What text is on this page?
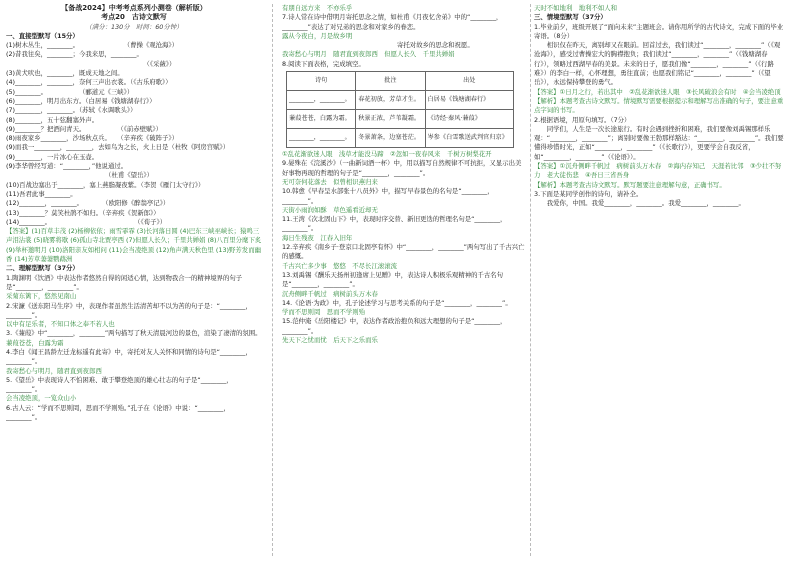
【备战2024】中考考点系列小测卷（解析版）
考点20　古诗文默写
（满分：130分　时间：60分钟）
一、直接型默写（15分）
(1)树木丛生，________。　　　　　　　　（曹操《观沧海》）
(2)昔我往矣，________；今我来思，________。
　　　　　　　　　　　　　　　　　　　　　　（《采薇》）
(3)黄犬吠也，________，既成天地之间。
(4)________，________，奈何三声出衣裳。（《古乐府歌》）
(5)________。　　　　　　（郦道元《三峡》）
(6)________，明月出东方。（白居易《钱塘湖春行》）
(7)________，________。（苏轼《水调歌头》）
(8)________，五十弦翻塞外声。
(9)________？把酒问青天。　　　　　　（《前赤壁赋》）
(8)雨夜家乡________，沙场秋点兵。　　（辛弃疾《破阵子》）
(9)而我一________，________，去如鸟为之长，火上日是（杜牧《阿房宫赋》）
(9)________，一片冰心在玉壶。
(9)李华曾经写道：“________，”他说通过。
　　　　　　　　　　　　　　　　（杜甫《望岳》）
(10)百战边塞出于________，塞上燕脂凝夜紫。（李贺《雁门太守行》）
(11)吾君此事________。
(12)________，________。　　　　（欧阳修《醉翁亭记》）
(13)________？莫笑杜鹃不如归。（辛弃疾《贺新郎》）
(14)________。　　　　　　　　　　　　　　（《荀子》）
【答案】(1)百草丰茂 (2)杨柳依依；雨雪霏霏 (3)长河落日圆 (4)巴东三峡巫峡长；猿鸣三声泪沾裳 (5)晓雾将歇 (6)孤山寺北贾亭西 (7)但愿人长久；千里共婵娟 (8)八百里分麾下炙 (9)举杯邀明月 (10)洛阳亲友如相问 (11)会当凌绝顶 (12)角声满天秋色里 (13)野芳发而幽香 (14)芳草萋萋鹦鹉洲
二、理解型默写（37分）
1.陶渊明《饮酒》中表达作者悠然自得的闲适心情，达到物我合一的精神境界的句子是“________，________”。
采菊东篱下，悠然见南山
2.宋濂《送东阳马生序》中，表现作者虽然生活清苦却不以为苦的句子是：“________，________”。
以中有足乐者，不知口体之奉不若人也
3.《蒹葭》中“________，________”两句描写了秋天清晨河边的景色，渲染了凄清的氛围。
蒹葭苍苍，白露为霜
4.李白《闻王昌龄左迁龙标遥有此寄》中，寄托对友人关怀和同情的诗句是“________，________”。
我寄愁心与明月，随君直到夜郎西
5.《望岳》中表现诗人不怕困难、敢于攀登绝顶的雄心壮志的句子是“________，________”。
会当凌绝顶，一览众山小
6.古人云：“学而不思则罔，思而不学则殆。”孔子在《论语》中说：“________，________”。
有朋自远方来　不亦乐乎
7.诗人常在诗中借明月寄托思念之情，如杜甫《月夜忆舍弟》中的“________，________”表达了对兄弟的思念和对家乡的眷恋。
露从今夜白，月是故乡明
　　　　　　　　　　　　　　　　　　寄托对故乡的思念和祝愿。
我寄愁心与明月　随君直到夜郎西　但愿人长久　千里共婵娟
8.阅读下面表格，完成填空。
诗句	批注	出处
________，________。	春花初放，芳草才生。	白居易《钱塘湖春行》
蒹葭苍苍，白露为霜。	秋景正浓，芦苇凝霜。	《诗经·秦风·蒹葭》
________，________。	冬景萧条，边塞苍茫。	岑参《白雪歌送武判官归京》
①乱花渐欲迷人眼　浅草才能没马蹄　②忽如一夜春风来　千树万树梨花开
9.晏殊在《浣溪沙》（一曲新词酒一杯）中，用以描写自然规律不可抗拒，又显示出美好事物再现的哲理的句子是“________，________”。
无可奈何花落去　似曾相识燕归来
10.韩愈《早春呈水部张十八员外》中，描写早春景色的名句是“________，________”。
天街小雨润如酥　草色遥看近却无
11.王湾《次北固山下》中，表现时序交替、新旧更迭的哲理名句是“________，________”。
海日生残夜　江春入旧年
12.辛弃疾《南乡子·登京口北固亭有怀》中“________，________”两句写出了千古兴亡的感慨。
千古兴亡多少事　悠悠　不尽长江滚滚流
13.刘禹锡《酬乐天扬州初逢席上见赠》中，表达诗人积极乐观精神的千古名句是“________，________”。
沉舟侧畔千帆过　病树前头万木春
14.《论语·为政》中，孔子论述学习与思考关系的句子是“________，________”。
学而不思则罔　思而不学则殆
15.范仲淹《岳阳楼记》中，表达作者政治抱负和远大理想的句子是“________，________”。
先天下之忧而忧　后天下之乐而乐
天时不如地利　地利不如人和
三、情境型默写（37分）
1.毕业前夕，班级开展了“面向未来”主题班会。请你用所学的古代诗文，完成下面的毕业寄语。（8分）
　　相识仅在昨天，离别却又在眼前。回首过去，我们读过“________，________”（《观沧海》），感受过曹操宏大的胸襟抱负；我们读过“________，________”（《钱塘湖春行》），领略过西湖早春的美景。未来的日子，愿我们像“________，________”（《行路难》）的李白一样，心怀理想，勇往直前；也愿我们铭记“________，________”（《望岳》），永远保持攀登的勇气。
【答案】①日月之行，若出其中　②乱花渐欲迷人眼　③长风破浪会有时　④会当凌绝顶
【解析】本题考查古诗文默写。情境默写需要根据提示和理解写出准确的句子，要注意重点字词的书写。
2.根据语境，用原句填写。（7分）
　　同学们，人生是一次长途旅行。有时会遇到挫折和困难，我们要像刘禹锡那样乐观：“________，________”；离别时要像王勃那样豁达：“________，________”。我们要懂得珍惜时光，正如“________，________”（《长歌行》），更要学会自我反省，如“________，________”（《论语》）。
【答案】①沉舟侧畔千帆过　病树前头万木春　②海内存知己　天涯若比邻　③少壮不努力　老大徒伤悲　④吾日三省吾身
【解析】本题考查古诗文默写。默写题要注意理解句意，正确书写。
3.下面是某同学创作的诗句，请补全。
　　我爱你，中国。我爱________，________。我爱________，________。
